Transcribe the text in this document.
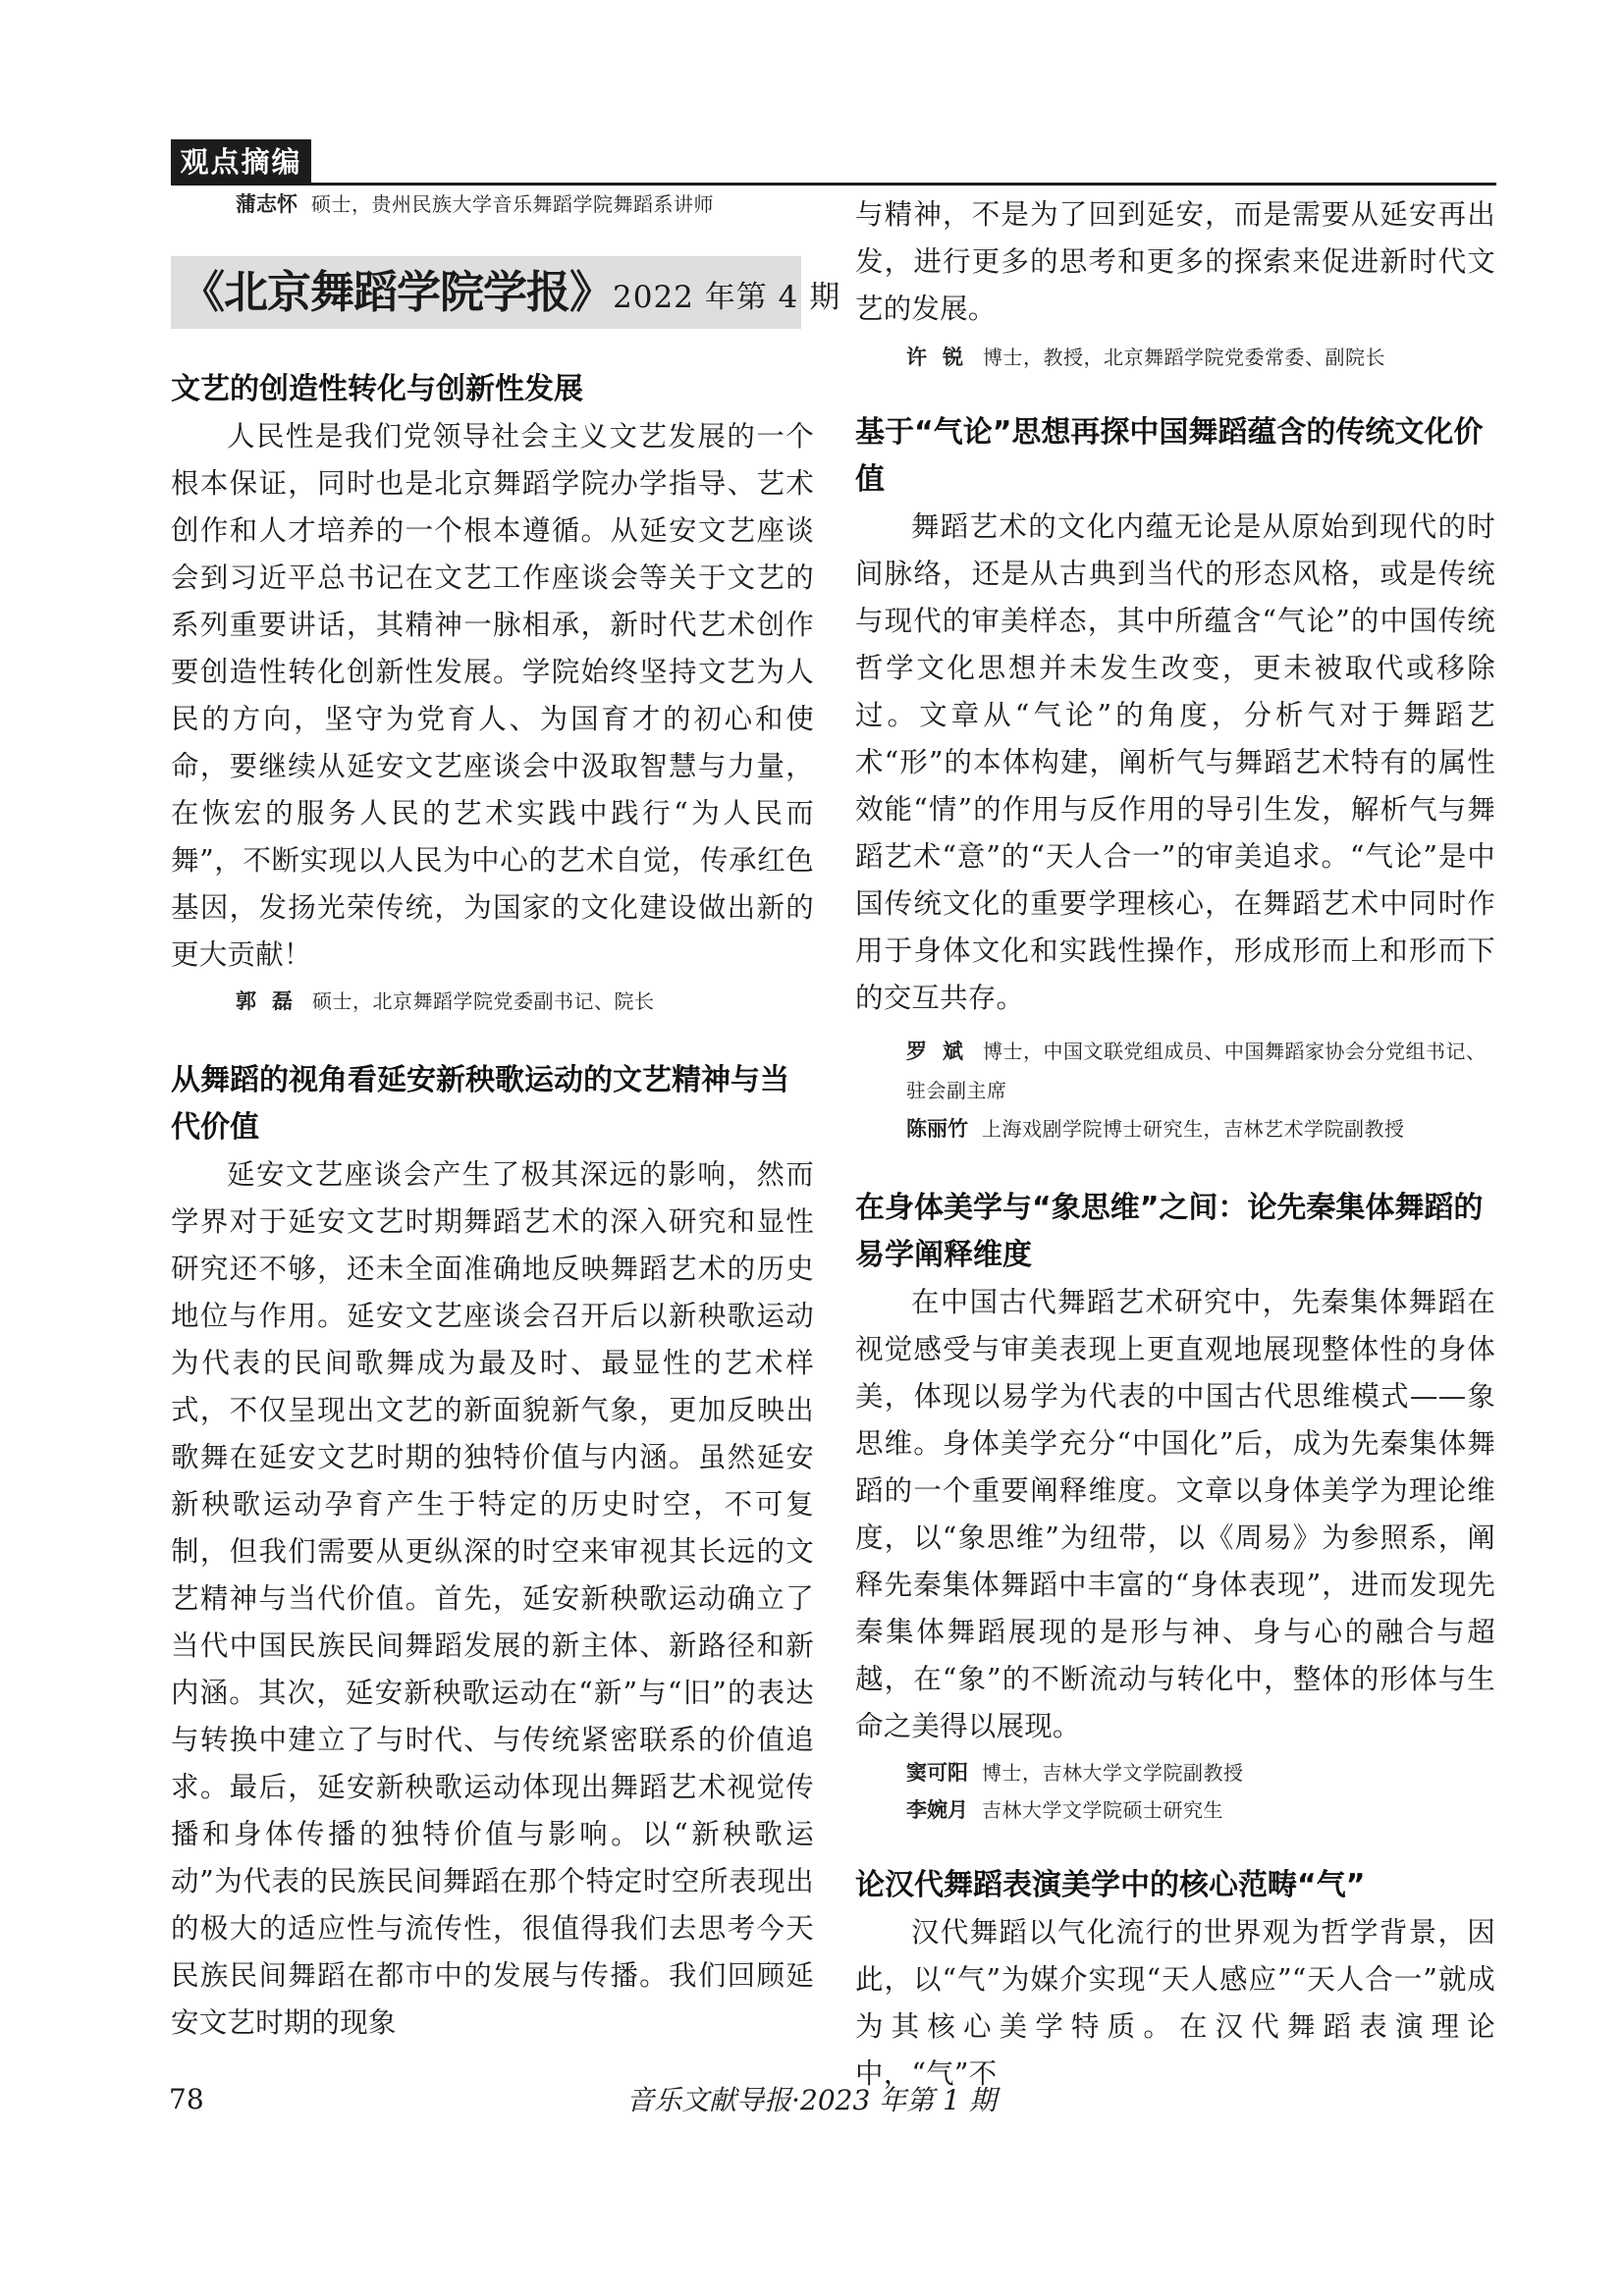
观点摘编

蒲志怀 硕士，贵州民族大学音乐舞蹈学院舞蹈系讲师

《北京舞蹈学院学报》2022 年第 4 期
文艺的创造性转化与创新性发展

人民性是我们党领导社会主义文艺发展的一个根本保证，同时也是北京舞蹈学院办学指导、艺术创作和人才培养的一个根本遵循。从延安文艺座谈会到习近平总书记在文艺工作座谈会等关于文艺的系列重要讲话，其精神一脉相承，新时代艺术创作要创造性转化创新性发展。学院始终坚持文艺为人民的方向，坚守为党育人、为国育才的初心和使命，要继续从延安文艺座谈会中汲取智慧与力量，在恢宏的服务人民的艺术实践中践行“为人民而舞”，不断实现以人民为中心的艺术自觉，传承红色基因，发扬光荣传统，为国家的文化建设做出新的更大贡献！

郭磊 硕士，北京舞蹈学院党委副书记、院长

从舞蹈的视角看延安新秧歌运动的文艺精神与当代价值

延安文艺座谈会产生了极其深远的影响，然而学界对于延安文艺时期舞蹈艺术的深入研究和显性研究还不够，还未全面准确地反映舞蹈艺术的历史地位与作用。延安文艺座谈会召开后以新秧歌运动为代表的民间歌舞成为最及时、最显性的艺术样式，不仅呈现出文艺的新面貌新气象，更加反映出歌舞在延安文艺时期的独特价值与内涵。虽然延安新秧歌运动孕育产生于特定的历史时空，不可复制，但我们需要从更纵深的时空来审视其长远的文艺精神与当代价值。首先，延安新秧歌运动确立了当代中国民族民间舞蹈发展的新主体、新路径和新内涵。其次，延安新秧歌运动在“新”与“旧”的表达与转换中建立了与时代、与传统紧密联系的价值追求。最后，延安新秧歌运动体现出舞蹈艺术视觉传播和身体传播的独特价值与影响。以“新秧歌运动”为代表的民族民间舞蹈在那个特定时空所表现出的极大的适应性与流传性，很值得我们去思考今天民族民间舞蹈在都市中的发展与传播。我们回顾延安文艺时期的现象

与精神，不是为了回到延安，而是需要从延安再出发，进行更多的思考和更多的探索来促进新时代文艺的发展。

许锐 博士，教授，北京舞蹈学院党委常委、副院长

基于“气论”思想再探中国舞蹈蕴含的传统文化价值

舞蹈艺术的文化内蕴无论是从原始到现代的时间脉络，还是从古典到当代的形态风格，或是传统与现代的审美样态，其中所蕴含“气论”的中国传统哲学文化思想并未发生改变，更未被取代或移除过。文章从“气论”的角度，分析气对于舞蹈艺术“形”的本体构建，阐析气与舞蹈艺术特有的属性效能“情”的作用与反作用的导引生发，解析气与舞蹈艺术“意”的“天人合一”的审美追求。“气论”是中国传统文化的重要学理核心，在舞蹈艺术中同时作用于身体文化和实践性操作，形成形而上和形而下的交互共存。

罗斌 博士，中国文联党组成员、中国舞蹈家协会分党组书记、驻会副主席

陈丽竹 上海戏剧学院博士研究生，吉林艺术学院副教授

在身体美学与“象思维”之间：论先秦集体舞蹈的易学阐释维度

在中国古代舞蹈艺术研究中，先秦集体舞蹈在视觉感受与审美表现上更直观地展现整体性的身体美，体现以易学为代表的中国古代思维模式——象思维。身体美学充分“中国化”后，成为先秦集体舞蹈的一个重要阐释维度。文章以身体美学为理论维度，以“象思维”为纽带，以《周易》为参照系，阐释先秦集体舞蹈中丰富的“身体表现”，进而发现先秦集体舞蹈展现的是形与神、身与心的融合与超越，在“象”的不断流动与转化中，整体的形体与生命之美得以展现。

窦可阳 博士，吉林大学文学院副教授

李婉月 吉林大学文学院硕士研究生

论汉代舞蹈表演美学中的核心范畴“气”

汉代舞蹈以气化流行的世界观为哲学背景，因此，以“气”为媒介实现“天人感应”“天人合一”就成为其核心美学特质。在汉代舞蹈表演理论中，“气”不

78	音乐文献导报·2023 年第 1 期
